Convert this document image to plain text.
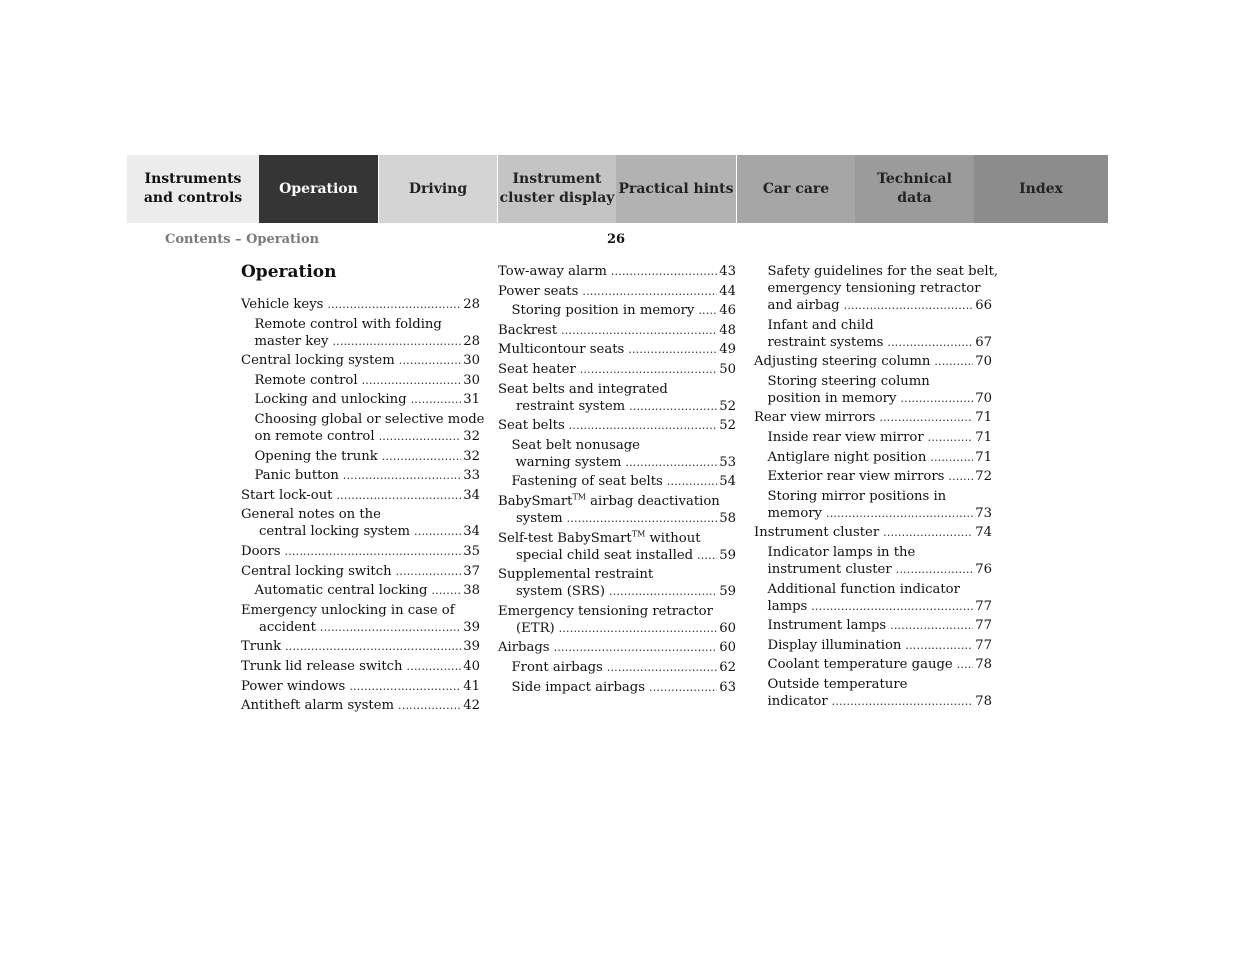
Instruments
and controls
Operation	Driving
Instrument
cluster display
Practical hints Car care
Technical
data
Index
Contents – Operation	26
Operation
Vehicle keys .....	28
Remote control with folding
master key .....	28
Central locking system .....	30
Remote control .....	30
Locking and unlocking .....	31
Choosing global or selective mode
on remote control .....	32
Opening the trunk .....	32
Panic button .....	33
Start lock-out .....	34
General notes on the
central locking system .....	34
Doors .....	35
Central locking switch .....	37
Automatic central locking .....	38
Emergency unlocking in case of
accident .....	39
Trunk .....	39
Trunk lid release switch .....	40
Power windows .....	41
Antitheft alarm system .....	42
Tow-away alarm .....	43
Power seats .....	44
Storing position in memory .....	46
Backrest .....	48
Multicontour seats .....	49
Seat heater .....	50
Seat belts and integrated
restraint system .....	52
Seat belts .....	52
Seat belt nonusage
warning system .....	53
Fastening of seat belts .....	54
BabySmart™ airbag deactivation
system .....	58
Self-test BabySmart™ without
special child seat installed .....	59
Supplemental restraint
system (SRS) .....	59
Emergency tensioning retractor
(ETR) .....	60
Airbags .....	60
Front airbags .....	62
Side impact airbags .....	63
Safety guidelines for the seat belt,
emergency tensioning retractor
and airbag .....	66
Infant and child
restraint systems .....	67
Adjusting steering column .....	70
Storing steering column
position in memory .....	70
Rear view mirrors .....	71
Inside rear view mirror .....	71
Antiglare night position .....	71
Exterior rear view mirrors .....	72
Storing mirror positions in
memory .....	73
Instrument cluster .....	74
Indicator lamps in the
instrument cluster .....	76
Additional function indicator
lamps .....	77
Instrument lamps .....	77
Display illumination .....	77
Coolant temperature gauge .....	78
Outside temperature
indicator .....	78
